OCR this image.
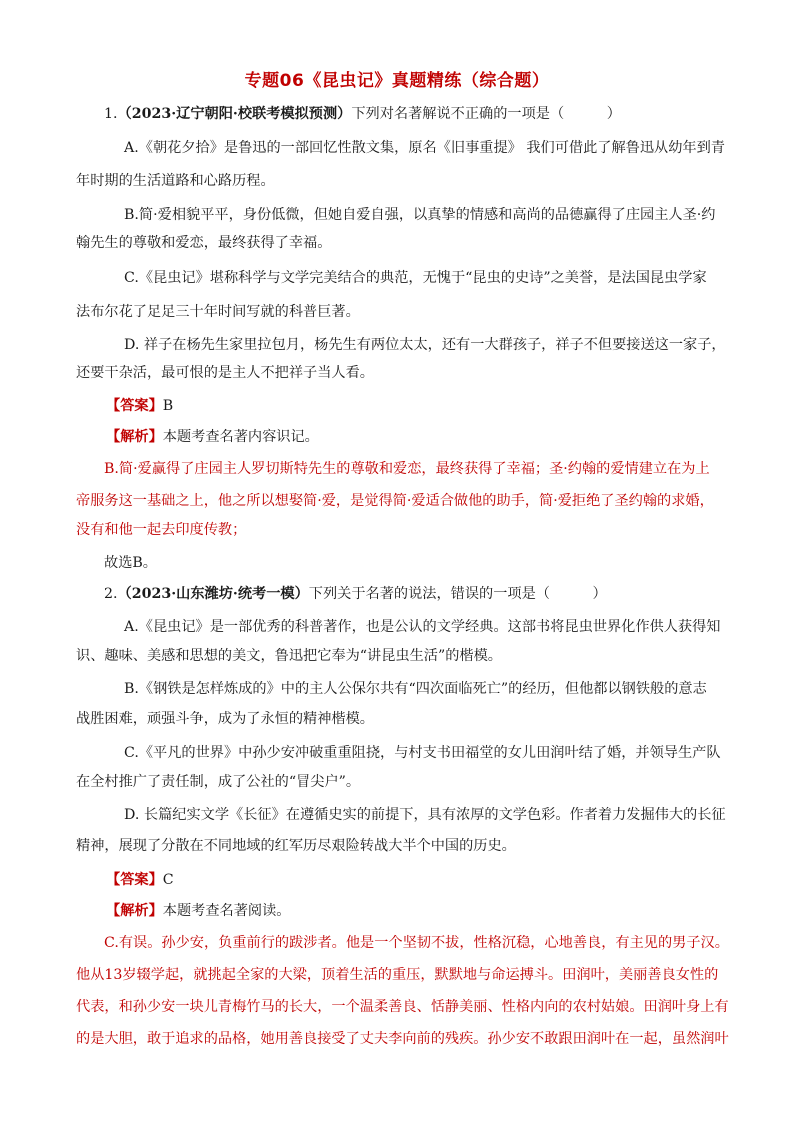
专题06《昆虫记》真题精练（综合题）
1.（2023·辽宁朝阳·校联考模拟预测）下列对名著解说不正确的一项是（　　　）
A.《朝花夕拾》是鲁迅的一部回忆性散文集，原名《旧事重提》 我们可借此了解鲁迅从幼年到青
年时期的生活道路和心路历程。
B.简·爱相貌平平，身份低微，但她自爱自强，以真挚的情感和高尚的品德赢得了庄园主人圣·约
翰先生的尊敬和爱恋，最终获得了幸福。
C.《昆虫记》堪称科学与文学完美结合的典范，无愧于“昆虫的史诗”之美誉，是法国昆虫学家
法布尔花了足足三十年时间写就的科普巨著。
D. 祥子在杨先生家里拉包月，杨先生有两位太太，还有一大群孩子，祥子不但要接送这一家子，
还要干杂活，最可恨的是主人不把祥子当人看。
【答案】B
【解析】本题考查名著内容识记。
B.简·爱赢得了庄园主人罗切斯特先生的尊敬和爱恋，最终获得了幸福；圣·约翰的爱情建立在为上
帝服务这一基础之上，他之所以想娶简·爱，是觉得简·爱适合做他的助手，简·爱拒绝了圣约翰的求婚，
没有和他一起去印度传教；
故选B。
2.（2023·山东潍坊·统考一模）下列关于名著的说法，错误的一项是（　　　）
A.《昆虫记》是一部优秀的科普著作，也是公认的文学经典。这部书将昆虫世界化作供人获得知
识、趣味、美感和思想的美文，鲁迅把它奉为“讲昆虫生活”的楷模。
B.《钢铁是怎样炼成的》中的主人公保尔共有“四次面临死亡”的经历，但他都以钢铁般的意志
战胜困难，顽强斗争，成为了永恒的精神楷模。
C.《平凡的世界》中孙少安冲破重重阻挠，与村支书田福堂的女儿田润叶结了婚，并领导生产队
在全村推广了责任制，成了公社的“冒尖户”。
D. 长篇纪实文学《长征》在遵循史实的前提下，具有浓厚的文学色彩。作者着力发掘伟大的长征
精神，展现了分散在不同地域的红军历尽艰险转战大半个中国的历史。
【答案】C
【解析】本题考查名著阅读。
C.有误。孙少安，负重前行的跋涉者。他是一个坚韧不拔，性格沉稳，心地善良，有主见的男子汉。
他从13岁辍学起，就挑起全家的大梁，顶着生活的重压，默默地与命运搏斗。田润叶，美丽善良女性的
代表，和孙少安一块儿青梅竹马的长大，一个温柔善良、恬静美丽、性格内向的农村姑娘。田润叶身上有
的是大胆，敢于追求的品格，她用善良接受了丈夫李向前的残疾。孙少安不敢跟田润叶在一起，虽然润叶
